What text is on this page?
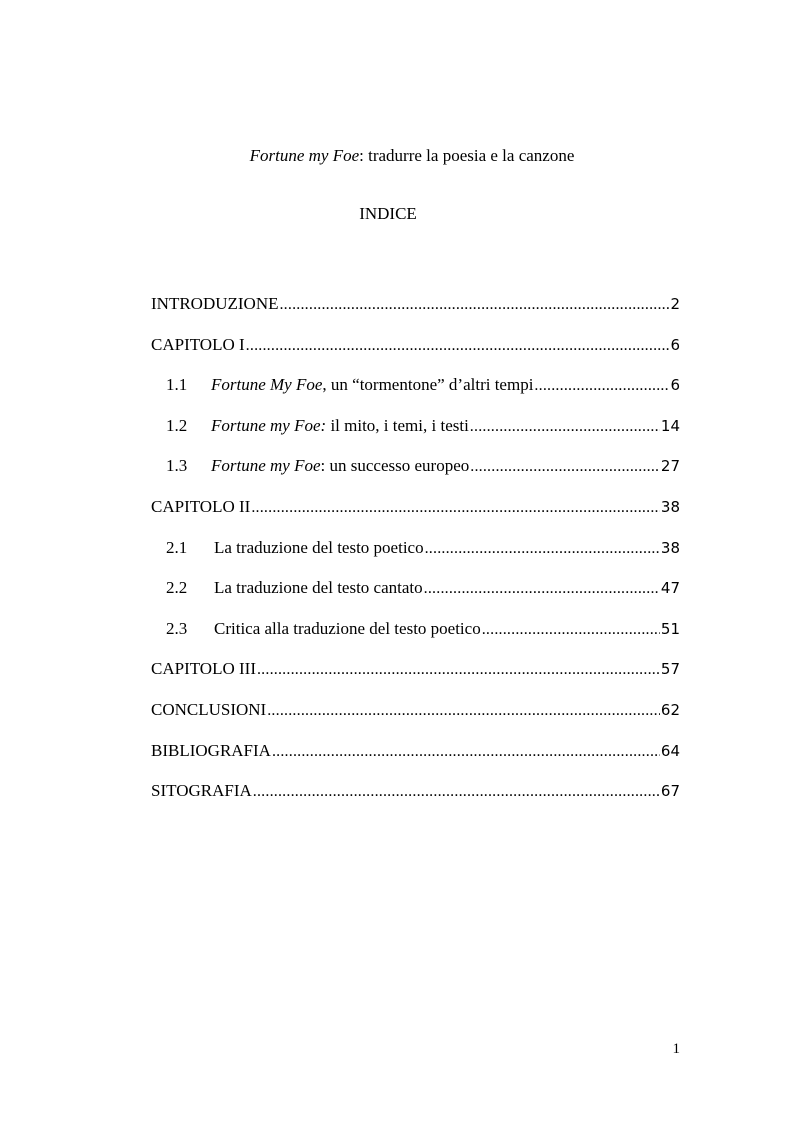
Fortune my Foe: tradurre la poesia e la canzone
INDICE
INTRODUZIONE .....	2
CAPITOLO I .....	6
1.1	Fortune My Foe, un “tormentone” d’altri tempi .....	6
1.2	Fortune my Foe: il mito, i temi, i testi .....	14
1.3	Fortune my Foe: un successo europeo .....	27
CAPITOLO II .....	38
2.1	La traduzione del testo poetico .....	38
2.2	La traduzione del testo cantato .....	47
2.3	Critica alla traduzione del testo poetico .....	51
CAPITOLO III .....	57
CONCLUSIONI .....	62
BIBLIOGRAFIA .....	64
SITOGRAFIA .....	67
1
